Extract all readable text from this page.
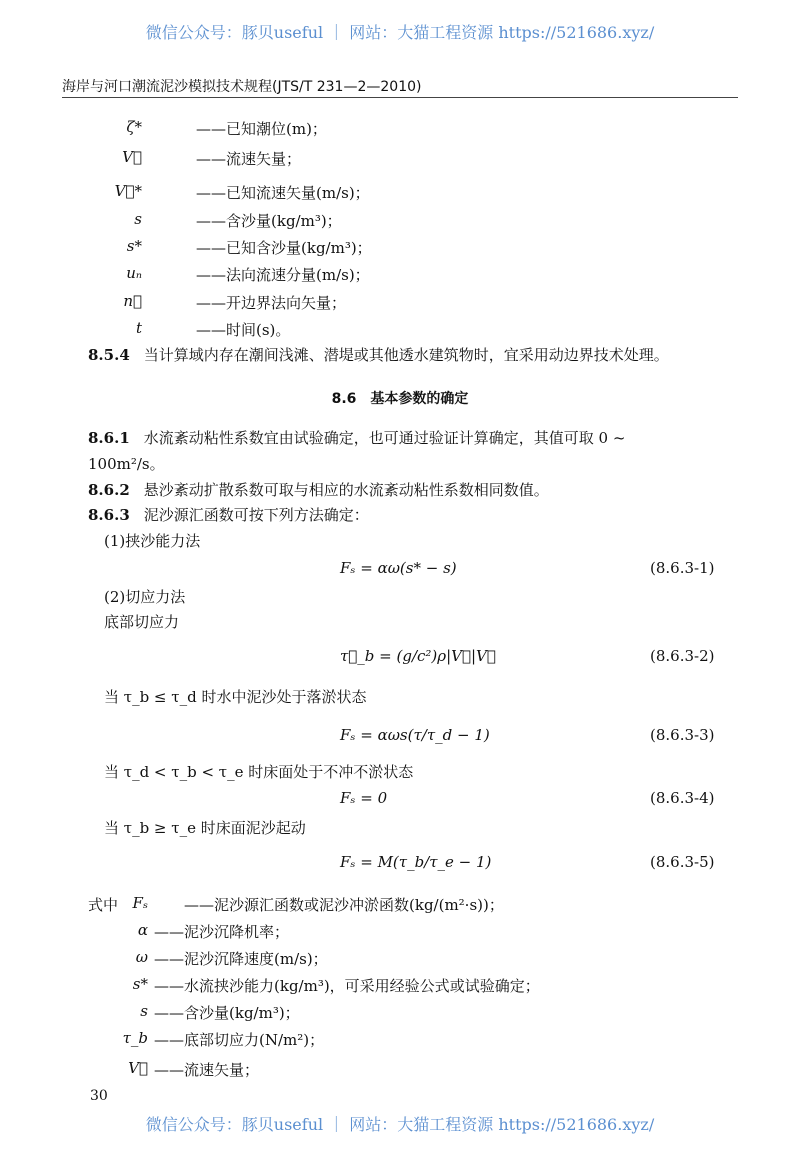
微信公众号：豚贝useful ｜ 网站：大猫工程资源 https://521686.xyz/
海岸与河口潮流泥沙模拟技术规程(JTS/T 231—2—2010)
ζ*	——已知潮位(m)；
V⃗	——流速矢量；
V⃗*	——已知流速矢量(m/s)；
s	——含沙量(kg/m³)；
s*	——已知含沙量(kg/m³)；
uₙ	——法向流速分量(m/s)；
n⃗	——开边界法向矢量；
t	——时间(s)。
8.5.4 当计算域内存在潮间浅滩、潜堤或其他透水建筑物时，宜采用动边界技术处理。
8.6　基本参数的确定
8.6.1 水流紊动粘性系数宜由试验确定，也可通过验证计算确定，其值可取 0 ~
100m²/s。
8.6.2 悬沙紊动扩散系数可取与相应的水流紊动粘性系数相同数值。
8.6.3 泥沙源汇函数可按下列方法确定：
(1)挟沙能力法
Fₛ = αω(s* − s)	(8.6.3-1)
(2)切应力法
底部切应力
τ⃗_b = (g/c²)ρ|V⃗|V⃗	(8.6.3-2)
当 τ_b ≤ τ_d 时水中泥沙处于落淤状态
Fₛ = αωs(τ/τ_d − 1)	(8.6.3-3)
当 τ_d < τ_b < τ_e 时床面处于不冲不淤状态
Fₛ = 0	(8.6.3-4)
当 τ_b ≥ τ_e 时床面泥沙起动
Fₛ = M(τ_b/τ_e − 1)	(8.6.3-5)
式中 Fₛ ——泥沙源汇函数或泥沙冲淤函数(kg/(m²·s))；
α ——泥沙沉降机率；
ω ——泥沙沉降速度(m/s)；
s* ——水流挟沙能力(kg/m³)，可采用经验公式或试验确定；
s ——含沙量(kg/m³)；
τ_b ——底部切应力(N/m²)；
V⃗ ——流速矢量；
30
微信公众号：豚贝useful ｜ 网站：大猫工程资源 https://521686.xyz/
